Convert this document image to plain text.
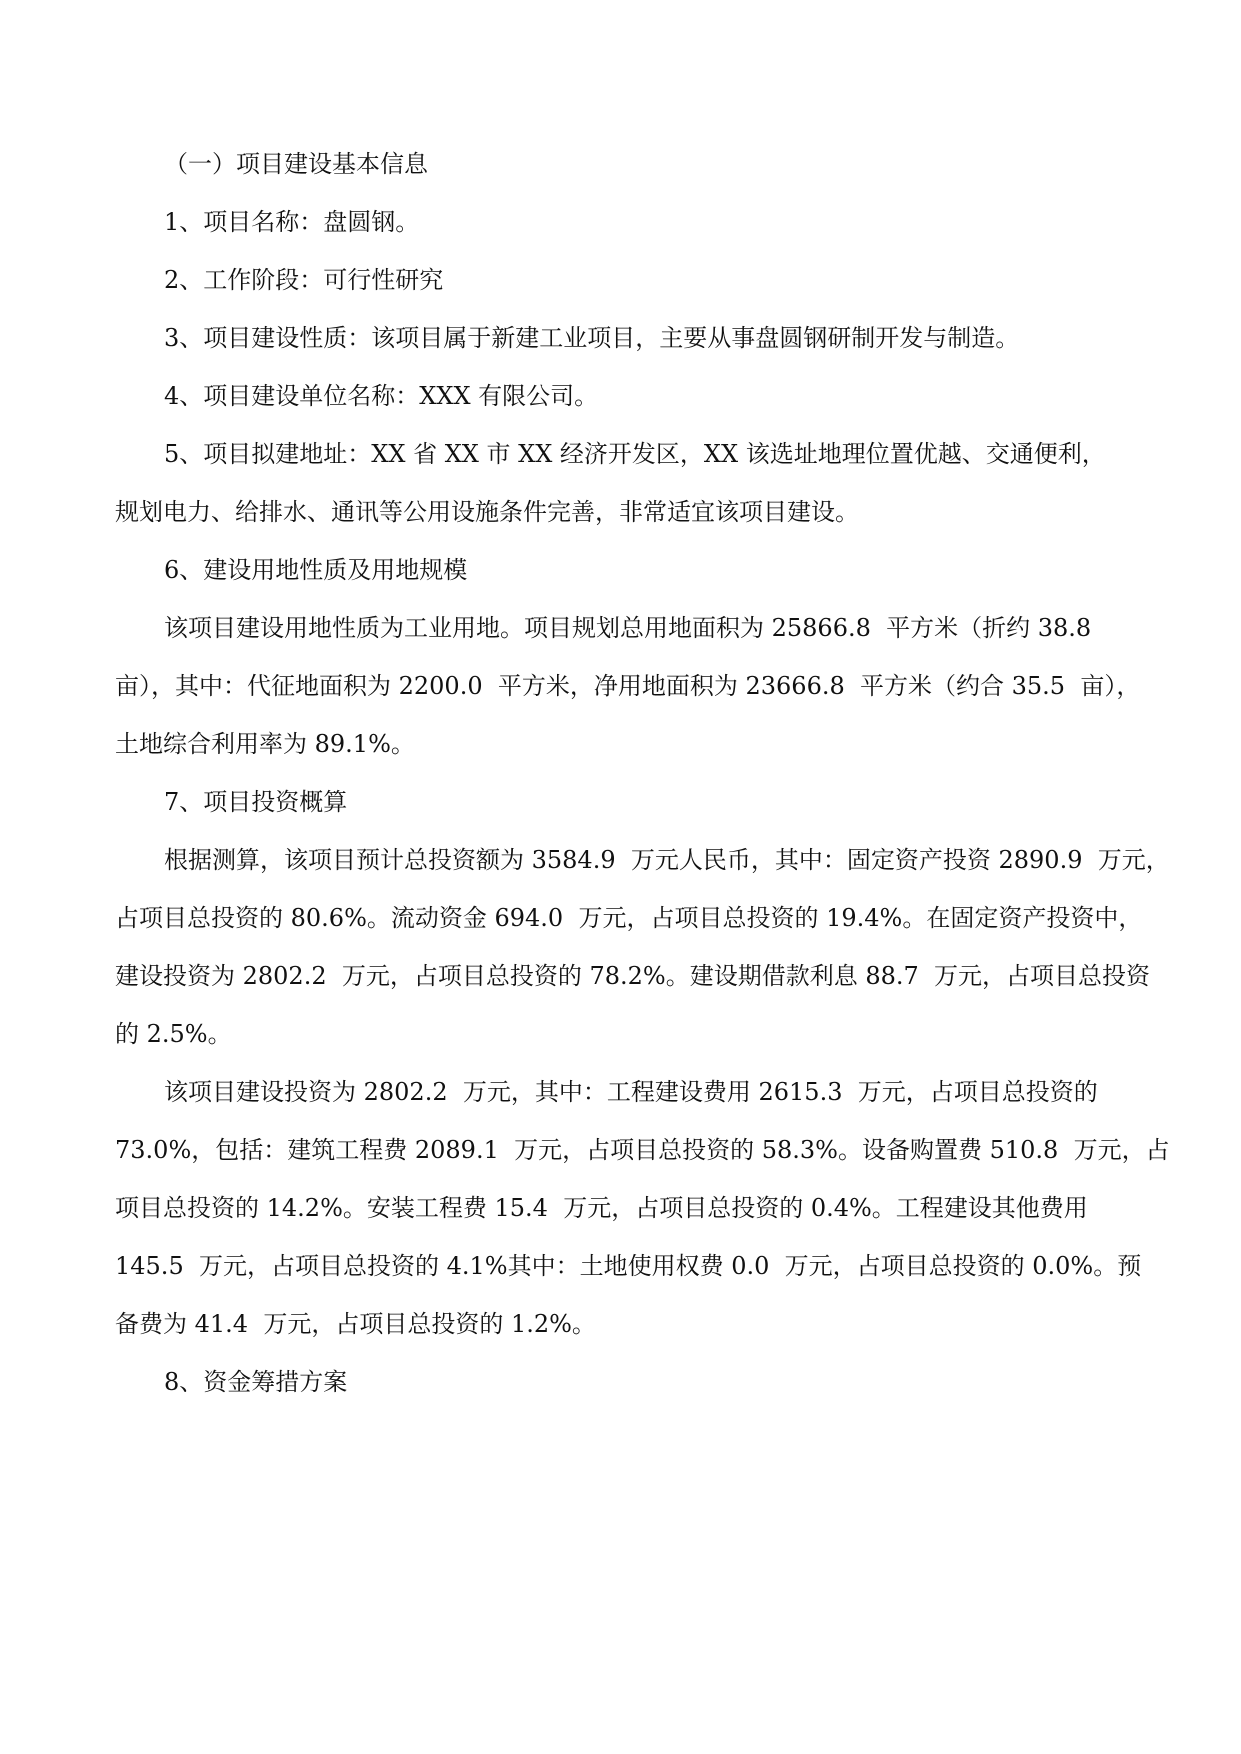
（一）项目建设基本信息
1、项目名称：盘圆钢。
2、工作阶段：可行性研究
3、项目建设性质：该项目属于新建工业项目，主要从事盘圆钢研制开发与制造。
4、项目建设单位名称：XXX 有限公司。
5、项目拟建地址：XX 省 XX 市 XX 经济开发区，XX 该选址地理位置优越、交通便利，
规划电力、给排水、通讯等公用设施条件完善，非常适宜该项目建设。
6、建设用地性质及用地规模
该项目建设用地性质为工业用地。项目规划总用地面积为 25866.8  平方米（折约 38.8
亩），其中：代征地面积为 2200.0  平方米，净用地面积为 23666.8  平方米（约合 35.5  亩），
土地综合利用率为 89.1%。
7、项目投资概算
根据测算，该项目预计总投资额为 3584.9  万元人民币，其中：固定资产投资 2890.9  万元，
占项目总投资的 80.6%。流动资金 694.0  万元，占项目总投资的 19.4%。在固定资产投资中，
建设投资为 2802.2  万元，占项目总投资的 78.2%。建设期借款利息 88.7  万元，占项目总投资
的 2.5%。
该项目建设投资为 2802.2  万元，其中：工程建设费用 2615.3  万元，占项目总投资的
73.0%，包括：建筑工程费 2089.1  万元，占项目总投资的 58.3%。设备购置费 510.8  万元，占
项目总投资的 14.2%。安装工程费 15.4  万元，占项目总投资的 0.4%。工程建设其他费用
145.5  万元，占项目总投资的 4.1%其中：土地使用权费 0.0  万元，占项目总投资的 0.0%。预
备费为 41.4  万元，占项目总投资的 1.2%。
8、资金筹措方案
